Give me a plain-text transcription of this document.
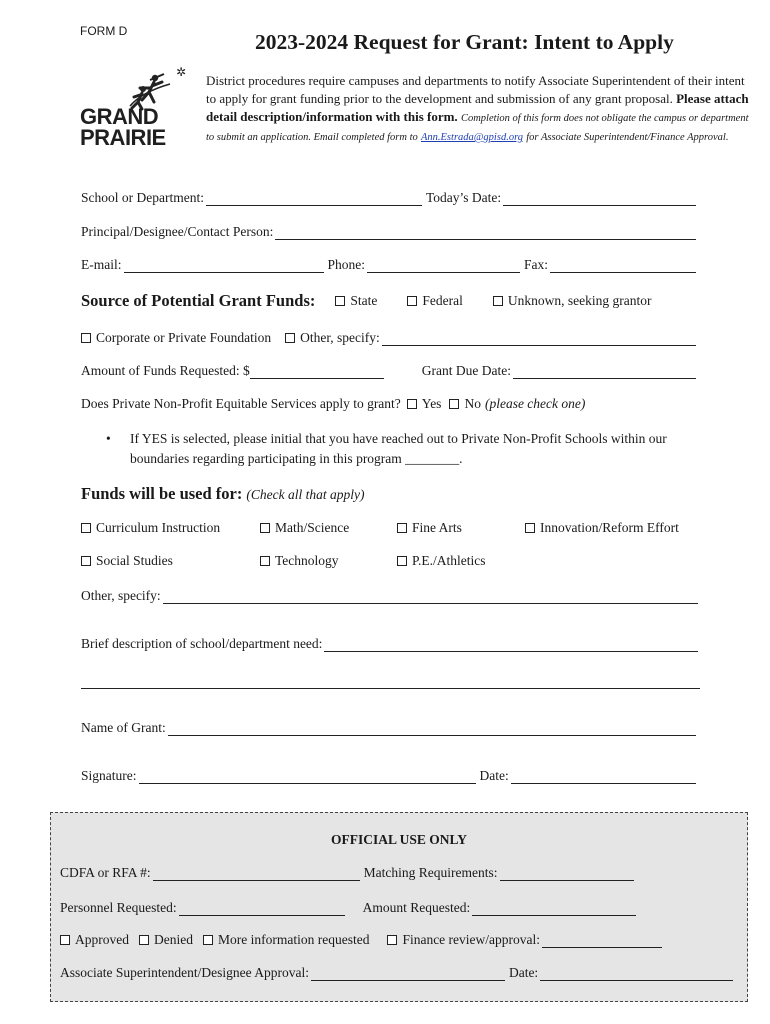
FORM D	2023-2024 Request for Grant: Intent to Apply
✲
GRAND
PRAIRIE
District procedures require campuses and departments to notify Associate Superintendent of their intent to apply for grant funding prior to the development and submission of any grant proposal. Please attach detail description/information with this form. Completion of this form does not obligate the campus or department to submit an application. Email completed form to Ann.Estrada@gpisd.org for Associate Superintendent/Finance Approval.
School or Department:	Today’s Date:
Principal/Designee/Contact Person:
E-mail:	Phone:	Fax:
Source of Potential Grant Funds:	State	Federal	Unknown, seeking grantor
Corporate or Private Foundation Other, specify:
Amount of Funds Requested: $	Grant Due Date:
Does Private Non-Profit Equitable Services apply to grant? Yes No (please check one)
•	If YES is selected, please initial that you have reached out to Private Non-Profit Schools within our boundaries regarding participating in this program ________.
Funds will be used for: (Check all that apply)
Curriculum Instruction	Math/Science	Fine Arts	Innovation/Reform Effort
Social Studies	Technology	P.E./Athletics
Other, specify:
Brief description of school/department need:
Name of Grant:
Signature:	Date:
OFFICIAL USE ONLY
CDFA or RFA #:	Matching Requirements:
Personnel Requested:	Amount Requested:
Approved Denied More information requested Finance review/approval:
Associate Superintendent/Designee Approval:	Date:
